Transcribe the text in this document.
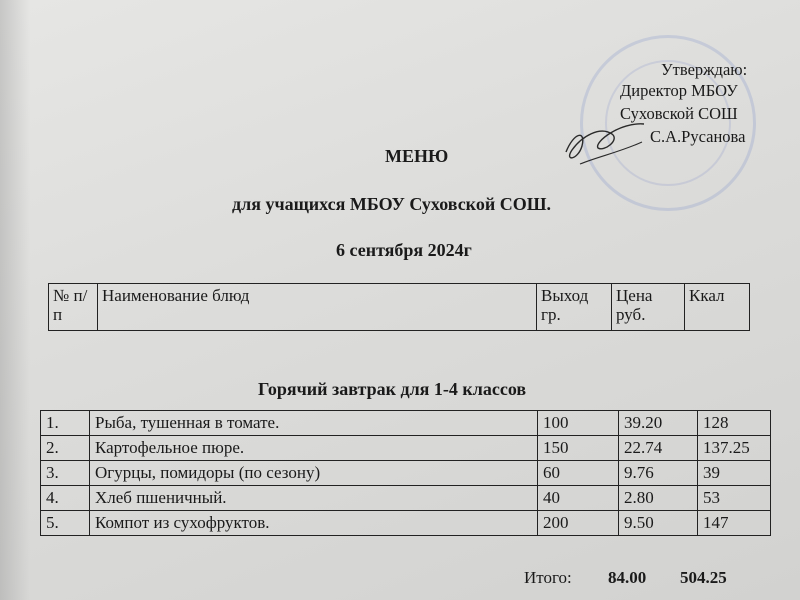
Утверждаю:
Директор МБОУ
Суховской СОШ
С.А.Русанова
МЕНЮ
для учащихся МБОУ Суховской СОШ.
6 сентября 2024г
№ п/п	Наименование блюд	Выход гр.	Цена руб.	Ккал
Горячий завтрак для 1-4 классов
1.	Рыба, тушенная в томате.	100	39.20	128
2.	Картофельное пюре.	150	22.74	137.25
3.	Огурцы, помидоры (по сезону)	60	9.76	39
4.	Хлеб пшеничный.	40	2.80	53
5.	Компот из сухофруктов.	200	9.50	147
Итого: 84.00 504.25
